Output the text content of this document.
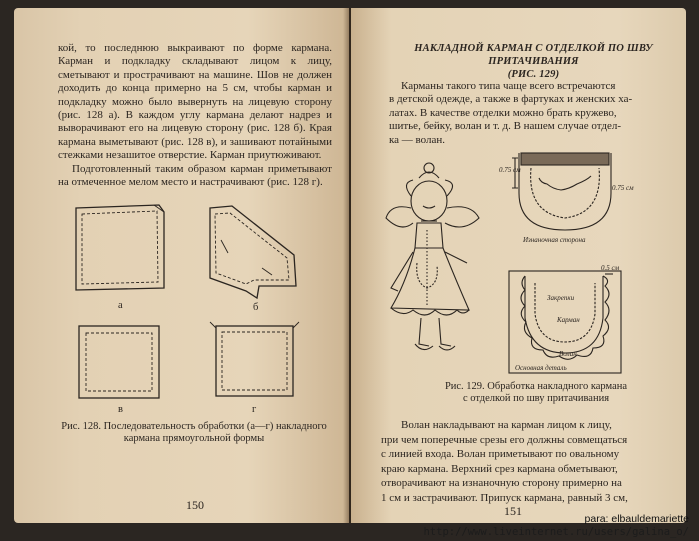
кой, то последнюю выкраивают по форме кармана. Карман и подкладку складывают лицом к лицу, сметывают и прострачивают на машине. Шов не должен доходить до конца примерно на 5 см, чтобы карман и подкладку можно было вывернуть на лицевую сторону (рис. 128 а). В каждом углу кармана делают надрез и выворачивают его на лицевую сторону (рис. 128 б). Края кармана выметывают (рис. 128 в), и зашивают потайными стежками незашитое отверстие. Карман приутюживают.

Подготовленный таким образом карман приметывают на отмеченное мелом место и настрачивают (рис. 128 г).

а	б
в	г
Рис. 128. Последовательность обработки (а—г) накладного
кармана прямоугольной формы
150
НАКЛАДНОЙ КАРМАН С ОТДЕЛКОЙ ПО ШВУ ПРИТАЧИВАНИЯ
(РИС. 129)
Карманы такого типа чаще всего встречаются
в детской одежде, а также в фартуках и женских ха-
латах. В качестве отделки можно брать кружево,
шитье, бейку, волан и т. д. В нашем случае отдел-
ка — волан.
Изнаночная сторона
0.75 см
0.75 см
0.5 см
Закрепки
Карман
Волан
Основная деталь
Рис. 129. Обработка накладного кармана
с отделкой по шву притачивания
Волан накладывают на карман лицом к лицу,
при чем поперечные срезы его должны совмещаться
с линией входа. Волан приметывают по овальному
краю кармана. Верхний срез кармана обметывают,
отворачивают на изнаночную сторону примерно на
1 см и застрачивают. Припуск кармана, равный 3 см,
151
para: elbauldemariette
http://www.liveinternet.ru/users/galina_o/
